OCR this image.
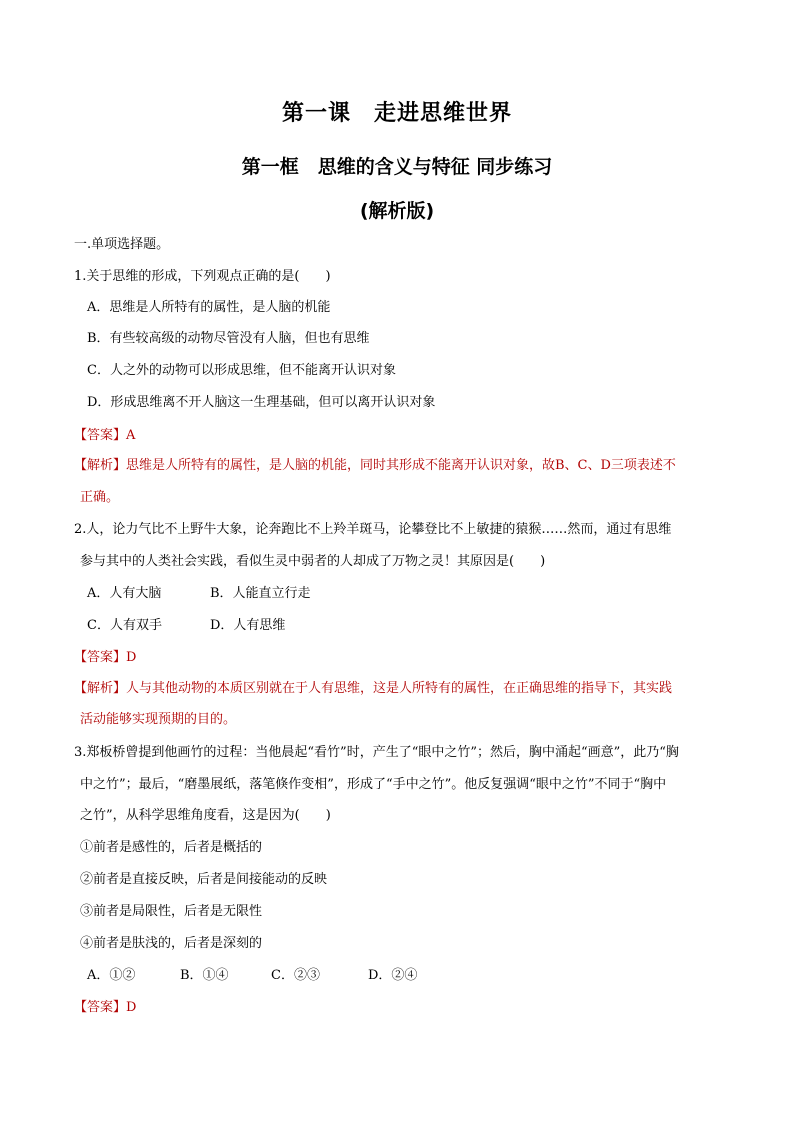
第一课　走进思维世界
第一框　思维的含义与特征 同步练习
(解析版)
一.单项选择题。
1.关于思维的形成，下列观点正确的是(　　)
A．思维是人所特有的属性，是人脑的机能
B．有些较高级的动物尽管没有人脑，但也有思维
C．人之外的动物可以形成思维，但不能离开认识对象
D．形成思维离不开人脑这一生理基础，但可以离开认识对象
【答案】A
【解析】思维是人所特有的属性，是人脑的机能，同时其形成不能离开认识对象，故B、C、D三项表述不
正确。
2.人，论力气比不上野牛大象，论奔跑比不上羚羊斑马，论攀登比不上敏捷的猿猴……然而，通过有思维
参与其中的人类社会实践，看似生灵中弱者的人却成了万物之灵！其原因是(　　)
A．人有大脑	B．人能直立行走
C．人有双手	D．人有思维
【答案】D
【解析】人与其他动物的本质区别就在于人有思维，这是人所特有的属性，在正确思维的指导下，其实践
活动能够实现预期的目的。
3.郑板桥曾提到他画竹的过程：当他晨起“看竹”时，产生了“眼中之竹”；然后，胸中涌起“画意”，此乃“胸
中之竹”；最后，“磨墨展纸，落笔倏作变相”，形成了“手中之竹”。他反复强调“眼中之竹”不同于“胸中
之竹”，从科学思维角度看，这是因为(　　)
①前者是感性的，后者是概括的
②前者是直接反映，后者是间接能动的反映
③前者是局限性，后者是无限性
④前者是肤浅的，后者是深刻的
A．①②	B．①④	C．②③	D．②④
【答案】D
